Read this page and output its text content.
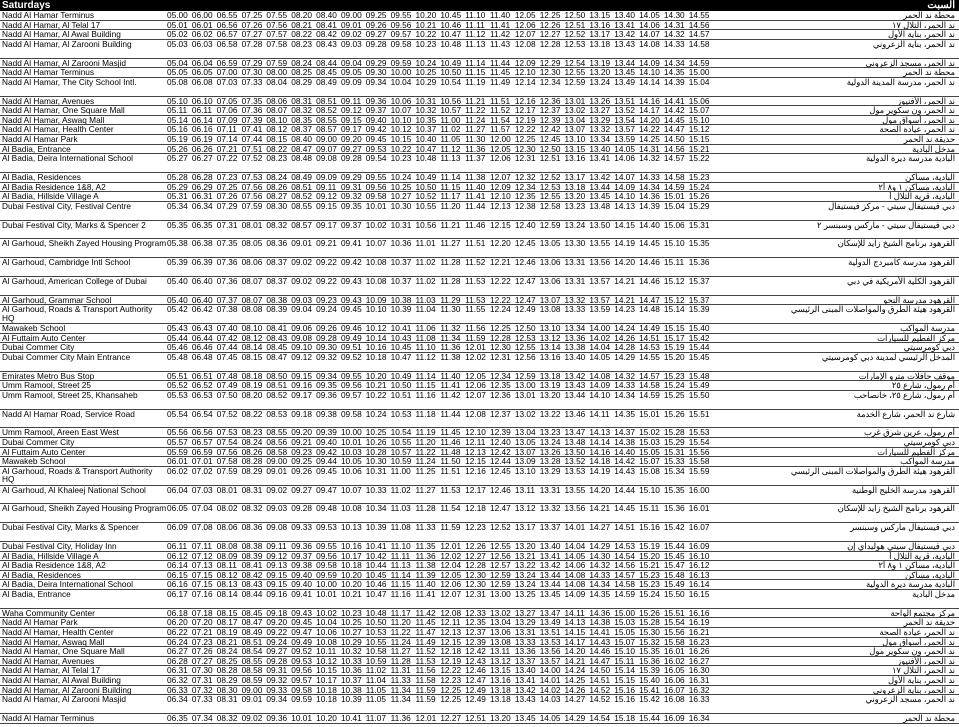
Saturdays																					السبت		
Nadd Al Hamar Terminus	05.00	06.00	06.55	07.25	07.55	08.20	08.40	09.00	09.25	09.55	10.20	10.45	11.10	11.40	12.05	12.25	12.50	13.15	13.40	14.05	14.30	14.55	محطة ند الحمر
Nadd Al Hamar, Al Telal 17	05.01	06.01	06.56	07.26	07.56	08.21	08.41	09.01	09.26	09.56	10.21	10.46	11.11	11.41	12.06	12.26	12.51	13.16	13.41	14.06	14.31	14.56	ند الحمر، التلال ١٧
Nadd Al Hamar, Al Awal Building	05.02	06.02	06.57	07.27	07.57	08.22	08.42	09.02	09.27	09.57	10.22	10.47	11.12	11.42	12.07	12.27	12.52	13.17	13.42	14.07	14.32	14.57	ند الحمر، بناية الأول
Nadd Al Hamar, Al Zarooni Building	05.03	06.03	06.58	07.28	07.58	08.23	08.43	09.03	09.28	09.58	10.23	10.48	11.13	11.43	12.08	12.28	12.53	13.18	13.43	14.08	14.33	14.58	ند الحمر، بناية الزعروني
Nadd Al Hamar, Al Zarooni Masjid	05.04	06.04	06.59	07.29	07.59	08.24	08.44	09.04	09.29	09.59	10.24	10.49	11.14	11.44	12.09	12.29	12.54	13.19	13.44	14.09	14.34	14.59	ند الحمر، مسجد الزعروني
Nadd Al Hamar Terminus	05.05	06.05	07.00	07.30	08.00	08.25	08.45	09.05	09.30	10.00	10.25	10.50	11.15	11.45	12.10	12.30	12.55	13.20	13.45	14.10	14.35	15.00	محطة ند الحمر
Nadd Al Hamar, The City School Intl.	05.08	06.08	07.03	07.33	08.04	08.29	08.49	09.09	09.34	10.04	10.29	10.54	11.19	11.49	12.14	12.34	12.59	13.24	13.49	14.14	14.39	15.04	ند الحمر، مدرسة المدينة الدولية
Nadd Al Hamar, Avenues	05.10	06.10	07.05	07.35	08.06	08.31	08.51	09.11	09.36	10.06	10.31	10.56	11.21	11.51	12.16	12.36	13.01	13.26	13.51	14.16	14.41	15.06	ند الحمر، الأفنيوز
Nadd Al Hamar, One Square Mall	05.11	06.11	07.06	07.36	08.07	08.32	08.52	09.12	09.37	10.07	10.32	10.57	11.22	11.52	12.17	12.37	13.02	13.27	13.52	14.17	14.42	15.07	ند الحمر، ون سكوير مول
Nadd Al Hamar, Aswaq Mall	05.14	06.14	07.09	07.39	08.10	08.35	08.55	09.15	09.40	10.10	10.35	11.00	11.24	11.54	12.19	12.39	13.04	13.29	13.54	14.20	14.45	15.10	ند الحمر، أسواق مول
Nadd Al Hamar, Health Center	05.16	06.16	07.11	07.41	08.12	08.37	08.57	09.17	09.42	10.12	10.37	11.02	11.27	11.57	12.22	12.42	13.07	13.32	13.57	14.22	14.47	15.12	ند الحمر، عيادة الصحة
Nadd Al Hamar Park	05.19	06.19	07.14	07.44	08.15	08.40	09.00	09.20	09.45	10.15	10.40	11.05	11.30	12.00	12.25	12.45	13.10	13.34	13.59	14.25	14.50	15.15	حديقة ند الحمر
Al Badia, Entrance	05.26	06.26	07.21	07.51	08.22	08.47	09.07	09.27	09.53	10.22	10.47	11.12	11.36	12.05	12.30	12.50	13.15	13.40	14.05	14.31	14.56	15.21	مدخل البادية
Al Badia, Deira International School	05.27	06.27	07.22	07.52	08.23	08.48	09.08	09.28	09.54	10.23	10.48	11.13	11.37	12.06	12.31	12.51	13.16	13.41	14.06	14.32	14.57	15.22	البادية مدرسة ديرة الدولية
Al Badia, Residences	05.28	06.28	07.23	07.53	08.24	08.49	09.09	09.29	09.55	10.24	10.49	11.14	11.38	12.07	12.32	12.52	13.17	13.42	14.07	14.33	14.58	15.23	البادية، مساكن
Al Badia Residence 1&8, A2	05.29	06.29	07.25	07.56	08.26	08.51	09.11	09.31	09.56	10.25	10.50	11.15	11.40	12.09	12.34	12.53	13.18	13.44	14.09	14.34	14.59	15.24	البادية، مساكن ١ و٨ أ٢
Al Badia, Hillside Village A	05.31	06.31	07.26	07.56	08.27	08.52	09.12	09.32	09.58	10.27	10.52	11.17	11.41	12.10	12.35	12.55	13.20	13.45	14.10	14.36	15.01	15.26	البادية، قرية التلال أ
Dubai Festival City, Festival Centre	05.34	06.34	07.29	07.59	08.30	08.55	09.15	09.35	10.01	10.30	10.55	11.20	11.44	12.13	12.38	12.58	13.23	13.48	14.13	14.39	15.04	15.29	دبي فيستيفال سيتي - مركز فيستيفال
Dubai Festival City, Marks & Spencer 2	05.35	06.35	07.31	08.01	08.32	08.57	09.17	09.37	10.02	10.31	10.56	11.21	11.46	12.15	12.40	12.59	13.24	13.50	14.15	14.40	15.06	15.31	دبي فيستيفال سيتي - ماركس وسبنسر ٢
Al Garhoud, Sheikh Zayed Housing Program	05.38	06.38	07.35	08.05	08.36	09.01	09.21	09.41	10.07	10.36	11.01	11.27	11.51	12.20	12.45	13.05	13.30	13.55	14.19	14.45	15.10	15.35	القرهود برنامج الشيخ زايد للإسكان
Al Garhoud, Cambridge Intl School	05.39	06.39	07.36	08.06	08.37	09.02	09.22	09.42	10.08	10.37	11.02	11.28	11.52	12.21	12.46	13.06	13.31	13.56	14.20	14.46	15.11	15.36	القرهود مدرسة كامبردج الدولية
Al Garhoud, American College of Dubai	05.40	06.40	07.36	08.07	08.37	09.02	09.22	09.43	10.08	10.37	11.02	11.28	11.53	12.22	12.47	13.06	13.31	13.57	14.21	14.46	15.12	15.37	القرهود الكلية الأمريكية في دبي
Al Garhoud, Grammar School	05.40	06.40	07.37	08.07	08.38	09.03	09.23	09.43	10.09	10.38	11.03	11.29	11.53	12.22	12.47	13.07	13.32	13.57	14.21	14.47	15.12	15.37	القرهود مدرسة النحو
Al Garhoud, Roads & Transport Authority HQ	05.42	06.42	07.38	08.08	08.39	09.04	09.24	09.45	10.10	10.39	11.04	11.30	11.55	12.24	12.49	13.08	13.33	13.59	14.23	14.48	15.14	15.39	القرهود هيئة الطرق والمواصلات المبنى الرئيسي
Mawakeb School	05.43	06.43	07.40	08.10	08.41	09.06	09.26	09.46	10.12	10.41	11.06	11.32	11.56	12.25	12.50	13.10	13.34	14.00	14.24	14.49	15.15	15.40	مدرسة المواكب
Al Futtaim Auto Center	05.44	06.44	07.42	08.12	08.43	09.08	09.28	09.49	10.14	10.43	11.08	11.34	11.59	12.28	12.53	13.12	13.36	14.02	14.26	14.51	15.17	15.42	مركز الفطيم للسيارات
Dubai Commer City	05.46	06.46	07.44	08.14	08.45	09.10	09.30	09.51	10.16	10.45	11.10	11.36	12.01	12.30	12.55	13.14	13.38	14.04	14.28	14.53	15.19	15.44	دبي كومرسيتي
Dubai Commer City Main Entrance	05.48	06.48	07.45	08.15	08.47	09.12	09.32	09.52	10.18	10.47	11.12	11.38	12.02	12.31	12.56	13.16	13.40	14.05	14.29	14.55	15.20	15.45	المدخل الرئيسي لمدينة دبي كومرسيتي
Emirates Metro Bus Stop	05.51	06.51	07.48	08.18	08.50	09.15	09.34	09.55	10.20	10.49	11.14	11.40	12.05	12.34	12.59	13.18	13.42	14.08	14.32	14.57	15.23	15.48	موقف حافلات مترو الإمارات
Umm Ramool, Street 25	05.52	06.52	07.49	08.19	08.51	09.16	09.35	09.56	10.21	10.50	11.15	11.41	12.06	12.35	13.00	13.19	13.43	14.09	14.33	14.58	15.24	15.49	أم رمول، شارع ٢٥
Umm Ramool, Street 25, Khansaheb	05.53	06.53	07.50	08.20	08.52	09.17	09.36	09.57	10.22	10.51	11.16	11.42	12.07	12.36	13.01	13.20	13.44	14.10	14.34	14.59	15.25	15.50	أم رمول، شارع ٢٥، خانصاحب
Nadd Al Hamar Road, Service Road	05.54	06.54	07.52	08.22	08.53	09.18	09.38	09.58	10.24	10.53	11.18	11.44	12.08	12.37	13.02	13.22	13.46	14.11	14.35	15.01	15.26	15.51	شارع ند الحمر، شارع الخدمة
Umm Ramool, Areen East West	05.56	06.56	07.53	08.23	08.55	09.20	09.39	10.00	10.25	10.54	11.19	11.45	12.10	12.39	13.04	13.23	13.47	14.13	14.37	15.02	15.28	15.53	أم رمول، عرين شرق غرب
Dubai Commer City	05.57	06.57	07.54	08.24	08.56	09.21	09.40	10.01	10.26	10.55	11.20	11.46	12.11	12.40	13.05	13.24	13.48	14.14	14.38	15.03	15.29	15.54	دبي كومرسيتي
Al Futtaim Auto Center	05.59	06.59	07.56	08.26	08.58	09.23	09.42	10.03	10.28	10.57	11.22	11.48	12.13	12.42	13.07	13.26	13.50	14.16	14.40	15.05	15.31	15.56	مركز الفطيم للسيارات
Mawakeb School	06.01	07.01	07.58	08.28	09.00	09.25	09.44	10.05	10.30	10.59	11.24	11.50	12.15	12.44	13.09	13.28	13.52	14.18	14.42	15.07	15.33	15.58	مدرسة المواكب
Al Garhoud, Roads & Transport Authority HQ	06.02	07.02	07.59	08.29	09.01	09.26	09.45	10.06	10.31	11.00	11.25	11.51	12.16	12.45	13.10	13.29	13.53	14.19	14.43	15.08	15.34	15.59	القرهود هيئة الطرق والمواصلات المبنى الرئيسي
Al Garhoud, Al Khaleej National School	06.04	07.03	08.01	08.31	09.02	09.27	09.47	10.07	10.33	11.02	11.27	11.53	12.17	12.46	13.11	13.31	13.55	14.20	14.44	15.10	15.35	16.00	القرهود مدرسة الخليج الوطنية
Al Garhoud, Sheikh Zayed Housing Program	06.05	07.04	08.02	08.32	09.03	09.28	09.48	10.08	10.34	11.03	11.28	11.54	12.18	12.47	13.12	13.32	13.56	14.21	14.45	15.11	15.36	16.01	القرهود برنامج الشيخ زايد للإسكان
Dubai Festival City, Marks & Spencer	06.09	07.08	08.06	08.36	09.08	09.33	09.53	10.13	10.39	11.08	11.33	11.59	12.23	12.52	13.17	13.37	14.01	14.27	14.51	15.16	15.42	16.07	دبي فيستيفال ماركس وسبنسر
Dubai Festival City, Holiday Inn	06.11	07.11	08.08	08.38	09.11	09.36	09.55	10.16	10.41	11.10	11.35	12.01	12.26	12.55	13.20	13.40	14.04	14.29	14.53	15.19	15.44	16.09	دبي فيستيفال سيتي هوليداي إن
Al Badia, Hillside Village A	06.12	07.12	08.09	08.39	09.12	09.37	09.56	10.17	10.42	11.11	11.36	12.02	12.27	12.56	13.21	13.41	14.05	14.30	14.54	15.20	15.45	16.10	البادية، قرية التلال أ
Al Badia Residence 1&8, A2	06.14	07.13	08.11	08.41	09.13	09.38	09.58	10.18	10.44	11.13	11.38	12.04	12.28	12.57	13.22	13.42	14.06	14.32	14.56	15.21	15.47	16.12	البادية، مساكن ١ و٨ أ٢
Al Badia, Residences	06.15	07.15	08.12	08.42	09.15	09.40	09.59	10.20	10.45	11.14	11.39	12.05	12.30	12.59	13.24	13.44	14.08	14.33	14.57	15.23	15.48	16.13	البادية، مساكن
Al Badia, Deira International School	06.16	07.15	08.13	08.43	09.15	09.40	10.00	10.20	10.46	11.15	11.40	12.06	12.30	12.59	13.24	13.44	14.08	14.34	14.58	15.23	15.49	16.14	البادية مدرسة ديرة الدولية
Al Badia, Entrance	06.17	07.16	08.14	08.44	09.16	09.41	10.01	10.21	10.47	11.16	11.41	12.07	12.31	13.00	13.25	13.45	14.09	14.35	14.59	15.24	15.50	16.15	مدخل البادية
Waha Community Center	06.18	07.18	08.15	08.45	09.18	09.43	10.02	10.23	10.48	11.17	11.42	12.08	12.33	13.02	13.27	13.47	14.11	14.36	15.00	15.26	15.51	16.16	مركز مجتمع الواحة
Nadd Al Hamar Park	06.20	07.20	08.17	08.47	09.20	09.45	10.04	10.25	10.50	11.20	11.45	12.11	12.35	13.04	13.29	13.49	14.13	14.38	15.03	15.28	15.54	16.19	حديقة ند الحمر
Nadd Al Hamar, Health Center	06.22	07.21	08.19	08.49	09.22	09.47	10.06	10.27	10.53	11.22	11.47	12.13	12.37	13.06	13.31	13.51	14.15	14.41	15.05	15.30	15.56	16.21	ند الحمر، عيادة الصحة
Nadd Al Hamar, Aswaq Mall	06.24	07.23	08.21	08.51	09.24	09.49	10.08	10.29	10.55	11.24	11.49	12.15	12.39	13.08	13.33	13.53	14.17	14.43	15.07	15.32	15.58	16.23	ند الحمر، أسواق مول
Nadd Al Hamar, One Square Mall	06.27	07.26	08.24	08.54	09.27	09.52	10.11	10.32	10.58	11.27	11.52	12.18	12.42	13.11	13.36	13.56	14.20	14.46	15.10	15.35	16.01	16.26	ند الحمر، ون سكوير مول
Nadd Al Hamar, Avenues	06.28	07.27	08.25	08.55	09.28	09.53	10.12	10.33	10.59	11.28	11.53	12.19	12.43	13.12	13.37	13.57	14.21	14.47	15.11	15.36	16.02	16.27	ند الحمر، الأفنيوز
Nadd Al Hamar, Al Telal 17	06.31	07.30	08.28	08.58	09.31	09.56	10.15	10.36	11.02	11.31	11.56	12.22	12.46	13.15	13.40	14.00	14.24	14.50	15.14	15.39	16.05	16.30	ند الحمر، التلال ١٧
Nadd Al Hamar, Al Awal Building	06.32	07.31	08.29	08.59	09.32	09.57	10.17	10.37	11.04	11.33	11.58	12.23	12.47	13.16	13.41	14.01	14.25	14.51	15.15	15.40	16.06	16.31	ند الحمر، بناية الأول
Nadd Al Hamar, Al Zarooni Building	06.33	07.32	08.30	09.00	09.33	09.58	10.18	10.38	11.05	11.34	11.59	12.25	12.49	13.18	13.42	14.02	14.26	14.52	15.16	15.41	16.07	16.32	ند الحمر، بناية الزعروني
Nadd Al Hamar, Al Zarooni Masjid	06.34	07.33	08.31	09.01	09.34	09.59	10.18	10.39	11.05	11.34	11.59	12.25	12.49	13.18	13.43	14.03	14.27	14.52	15.16	15.42	16.08	16.33	ند الحمر، مسجد الزعروني
Nadd Al Hamar Terminus	06.35	07.34	08.32	09.02	09.36	10.01	10.20	10.41	11.07	11.36	12.01	12.27	12.51	13.20	13.45	14.05	14.29	14.54	15.18	15.44	16.09	16.34	محطة ند الحمر
